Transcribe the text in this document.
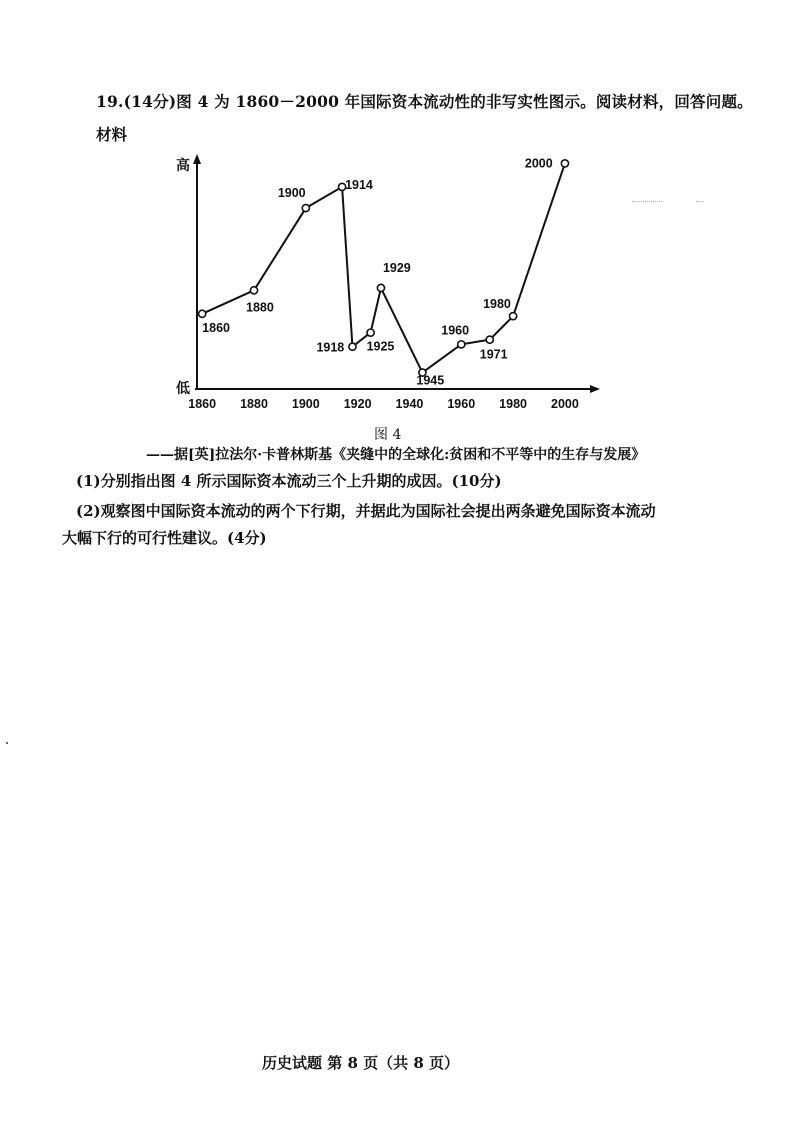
19.(14分)图 4 为 1860－2000 年国际资本流动性的非写实性图示。阅读材料，回答问题。
材料
高
低
1860 1880 1900 1920 1940 1960 1980 2000
1860
1880
1900
1914
1918 1925
1929
1945
1960
1971
1980
2000
图 4
——据[英]拉法尔·卡普林斯基《夹缝中的全球化:贫困和不平等中的生存与发展》
(1)分别指出图 4 所示国际资本流动三个上升期的成因。(10分)
(2)观察图中国际资本流动的两个下行期，并据此为国际社会提出两条避免国际资本流动
大幅下行的可行性建议。(4分)
历史试题 第 8 页（共 8 页）
